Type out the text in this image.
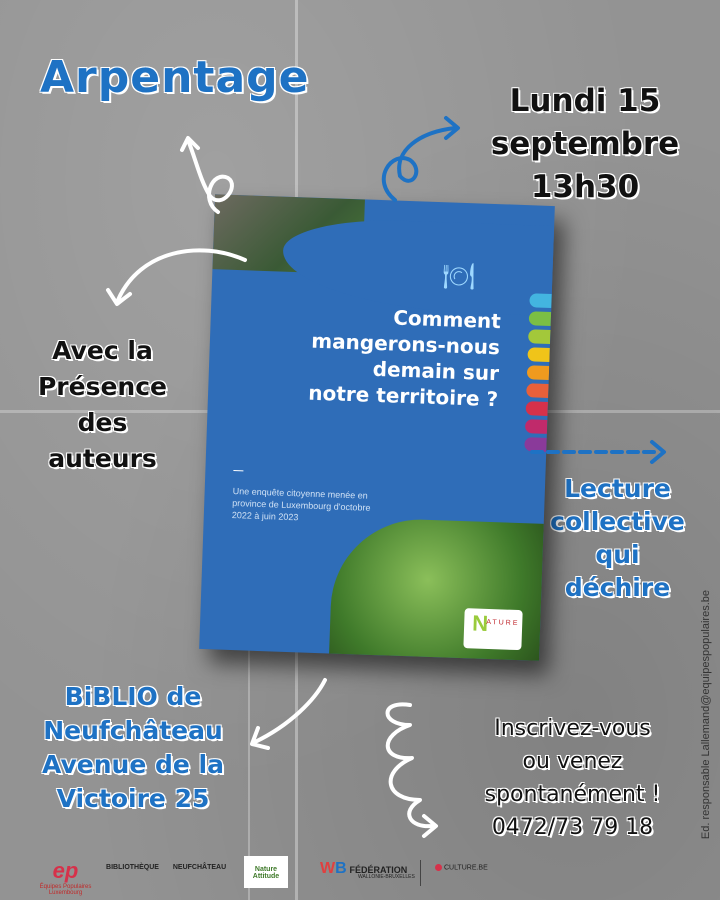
Arpentage	Lundi 15
septembre
13h30
Avec la
Présence
des
auteurs
Lecture
collective
qui
déchire
BiBLIO de
Neufchâteau
Avenue de la
Victoire 25
Inscrivez-vous
ou venez
spontanément !
0472/73 79 18	Ed. responsable Lallemand@equipespopulaires.be
🍽
Comment
mangerons-nous
demain sur
notre territoire ?
Une enquête citoyenne menée en province de Luxembourg d'octobre 2022 à juin 2023
N
ATURE
ep
Équipes Populaires Luxembourg
BIBLIOTHÈQUE NEUFCHÂTEAU	Nature Attitude	WB FÉDÉRATION
WALLONIE-BRUXELLES
CULTURE.BE
